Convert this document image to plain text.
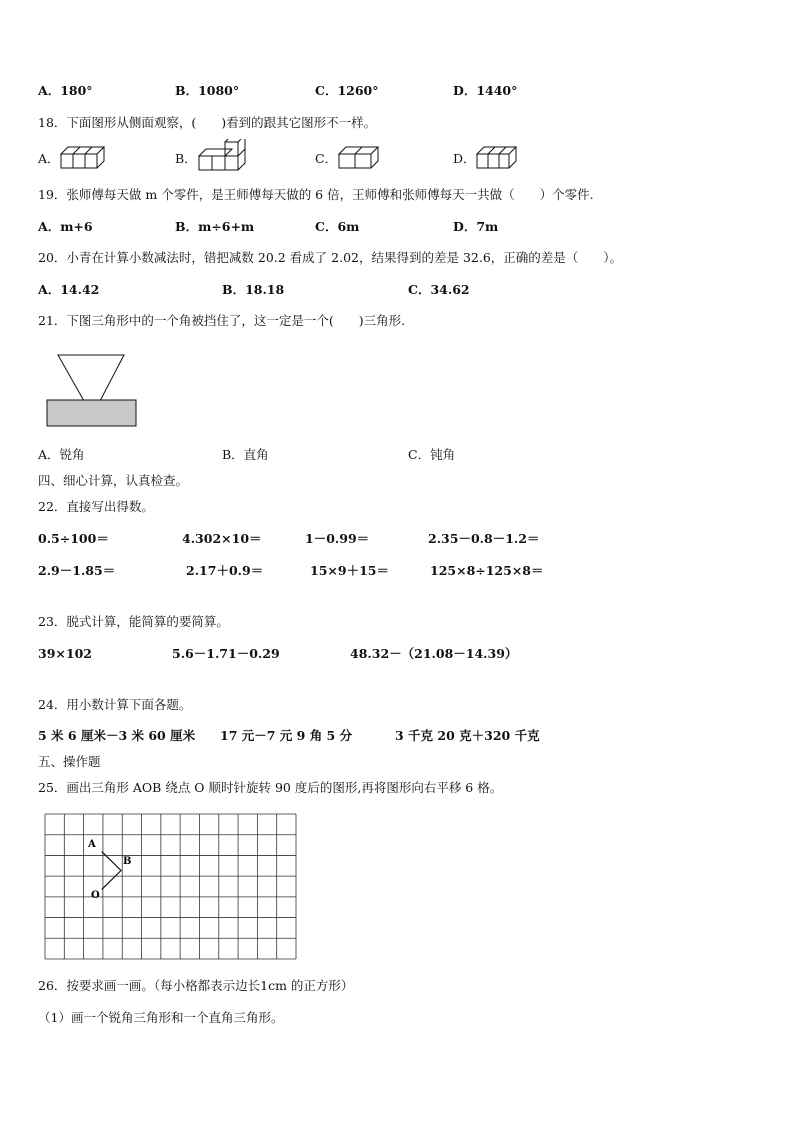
A．180°	B．1080°	C．1260°	D．1440°
18．下面图形从侧面观察，(　　)看到的跟其它图形不一样。
A．	B．	C．	D．
19．张师傅每天做 m 个零件，是王师傅每天做的 6 倍，王师傅和张师傅每天一共做（　　）个零件.
A．m+6	B．m÷6+m	C．6m	D．7m
20．小青在计算小数减法时，错把减数 20.2 看成了 2.02，结果得到的差是 32.6，正确的差是（　　）。
A．14.42	B．18.18	C．34.62
21．下图三角形中的一个角被挡住了，这一定是一个(　　)三角形.
A．锐角	B．直角	C．钝角
四、细心计算，认真检查。
22．直接写出得数。
0.5÷100＝	4.302×10＝	1－0.99＝	2.35－0.8－1.2＝
2.9－1.85＝	2.17＋0.9＝	15×9＋15＝	125×8÷125×8＝
23．脱式计算，能简算的要简算。
39×102	5.6－1.71－0.29	48.32－（21.08－14.39）
24．用小数计算下面各题。
5 米 6 厘米－3 米 60 厘米 17 元－7 元 9 角 5 分	3 千克 20 克＋320 千克
五、操作题
25．画出三角形 AOB 绕点 O 顺时针旋转 90 度后的图形,再将图形向右平移 6 格。
A
B
O
26．按要求画一画。（每小格都表示边长1cm 的正方形）
（1）画一个锐角三角形和一个直角三角形。
